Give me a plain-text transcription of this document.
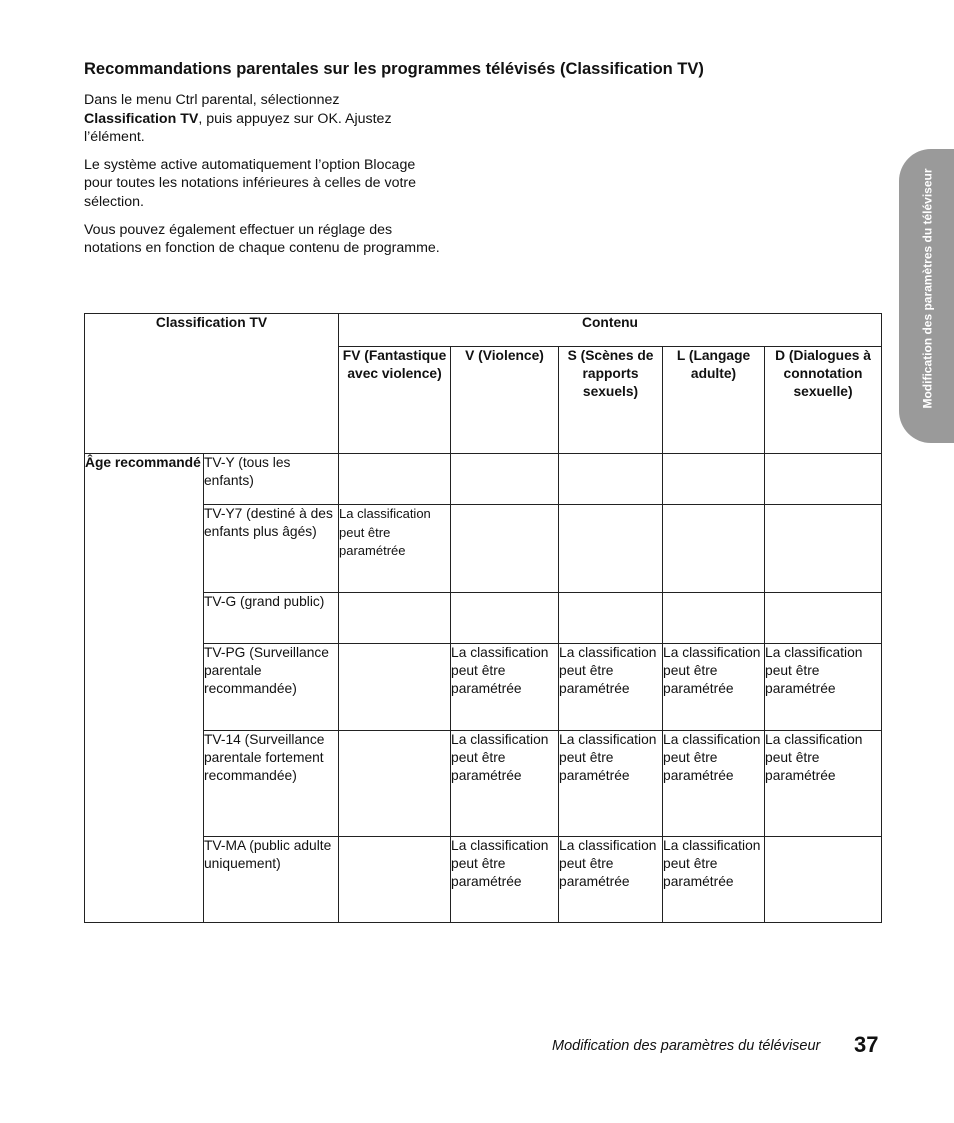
Recommandations parentales sur les programmes télévisés (Classification TV)

Dans le menu Ctrl parental, sélectionnez
Classification TV, puis appuyez sur OK. Ajustez l’élément.

Le système active automatiquement l’option Blocage pour toutes les notations inférieures à celles de votre sélection.

Vous pouvez également effectuer un réglage des notations en fonction de chaque contenu de programme.	Modification des paramètres du téléviseur
Classification TV		Contenu				
		FV (Fantastique avec violence)	V (Violence)	S (Scènes de rapports sexuels)	L (Langage adulte)	D (Dialogues à connotation sexuelle)
Âge recommandé	TV-Y (tous les enfants)					
	TV-Y7 (destiné à des enfants plus âgés)	La classification peut être paramétrée				
	TV-G (grand public)					
	TV-PG (Surveillance parentale recommandée)		La classification peut être paramétrée	La classification peut être paramétrée	La classification peut être paramétrée	La classification peut être paramétrée
	TV-14 (Surveillance parentale fortement recommandée)		La classification peut être paramétrée	La classification peut être paramétrée	La classification peut être paramétrée	La classification peut être paramétrée
	TV-MA (public adulte uniquement)		La classification peut être paramétrée	La classification peut être paramétrée	La classification peut être paramétrée	
Modification des paramètres du téléviseur 37
